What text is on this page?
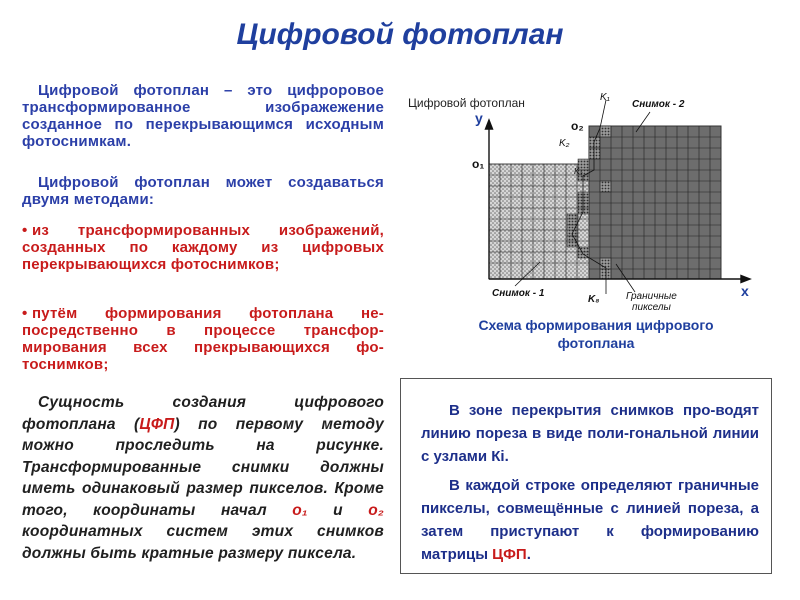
Цифровой фотоплан
Цифровой фотоплан – это цифроровое трансформированное изображежение созданное по перекрывающимся исходным фотоснимкам.
Цифровой фотоплан может создаваться двумя методами:
• из трансформированных изображений, созданных по каждому из цифровых перекрывающихся фотоснимков;
• путём формирования фотоплана не-посредственно в процессе трансфор-мирования всех прекрывающихся фо-тоснимков;
Сущность создания цифрового фотоплана (ЦФП) по первому методу можно проследить на рисунке. Трансформированные снимки должны иметь одинаковый размер пикселов. Кроме того, координаты начал о₁ и о₂ координатных систем этих снимков должны быть кратные размеру пиксела.
Цифровой фотоплан
y
x
о₁
о₂
K₁
K₂
K₃
K₈
Снимок - 1
Снимок - 2
Граничные
пикселы
Схема формирования цифрового фотоплана

В зоне перекрытия снимков про-водят линию пореза в виде поли-гональной линии с узлами Кi.

В каждой строке определяют граничные пикселы, совмещённые с линией пореза, а затем приступают к формированию матрицы ЦФП.
